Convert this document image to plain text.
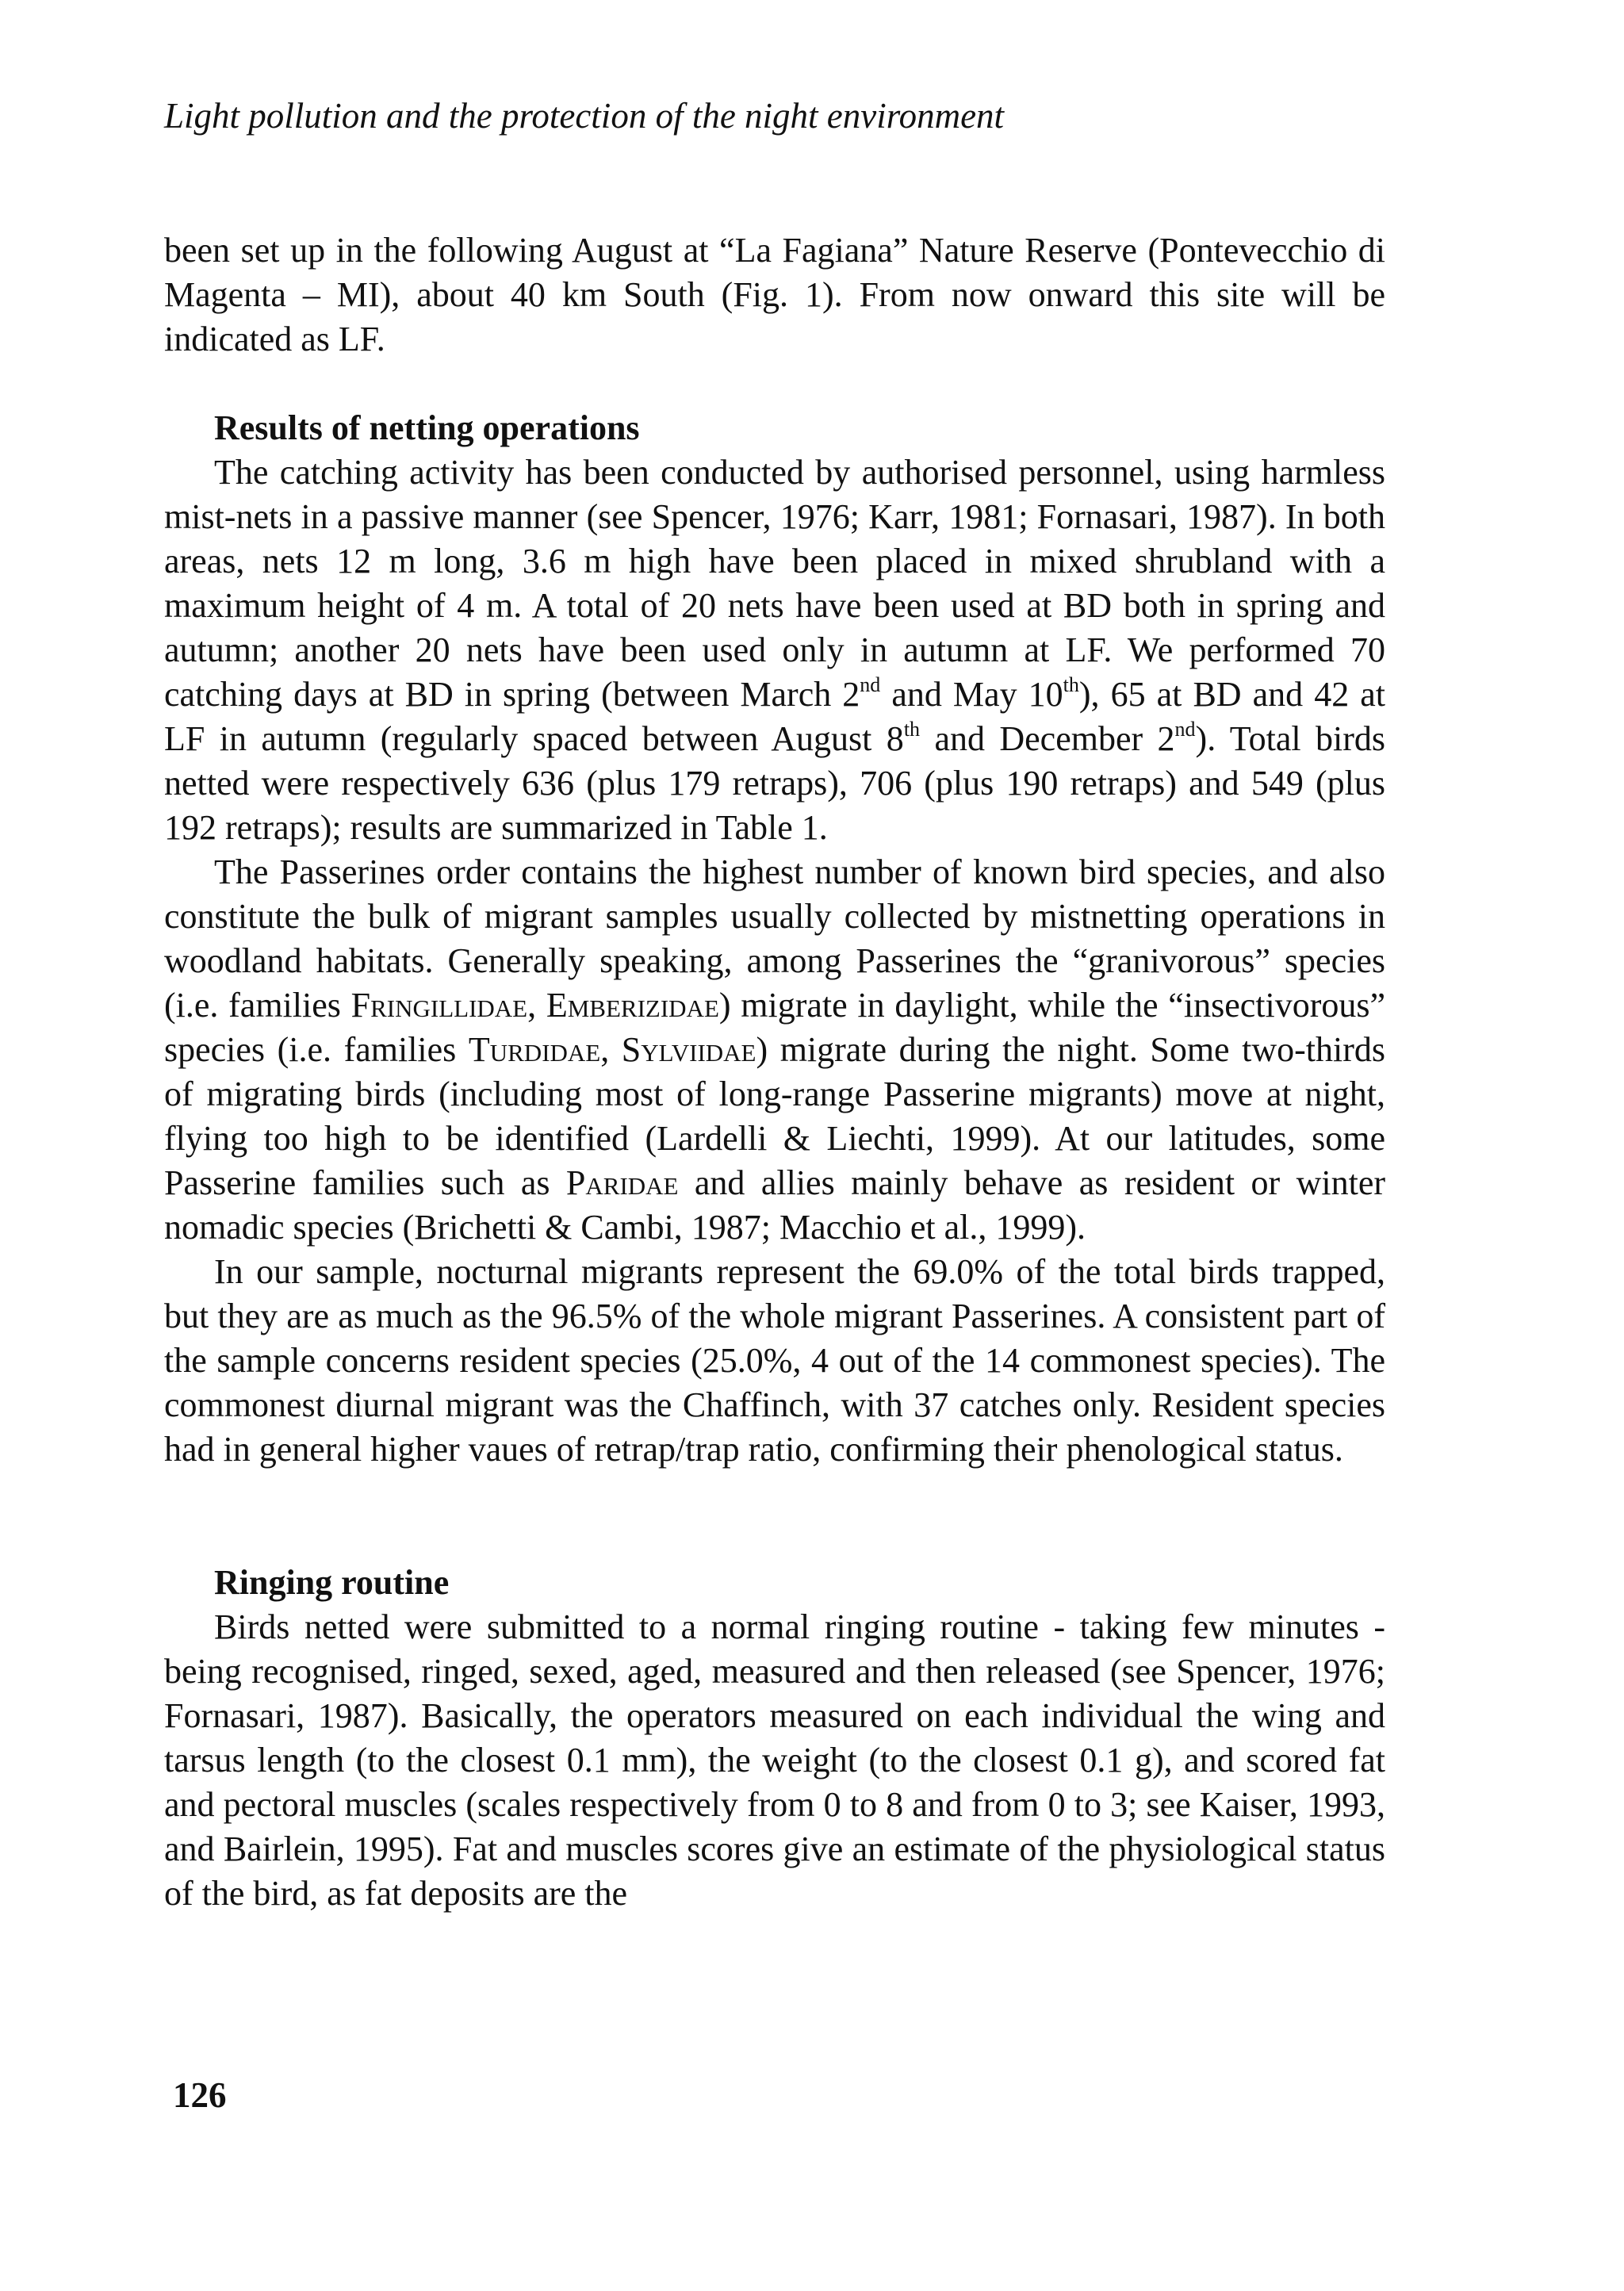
Light pollution and the protection of the night environment

been set up in the following August at “La Fagiana” Nature Reserve (Pontevecchio di Magenta – MI), about 40 km South (Fig. 1). From now onward this site will be indicated as LF.

Results of netting operations

The catching activity has been conducted by authorised personnel, using harmless mist-nets in a passive manner (see Spencer, 1976; Karr, 1981; Fornasari, 1987). In both areas, nets 12 m long, 3.6 m high have been placed in mixed shrubland with a maximum height of 4 m. A total of 20 nets have been used at BD both in spring and autumn; another 20 nets have been used only in autumn at LF. We performed 70 catching days at BD in spring (between March 2nd and May 10th), 65 at BD and 42 at LF in autumn (regularly spaced between August 8th and December 2nd). Total birds netted were respectively 636 (plus 179 retraps), 706 (plus 190 retraps) and 549 (plus 192 retraps); results are summarized in Table 1.

The Passerines order contains the highest number of known bird species, and also constitute the bulk of migrant samples usually collected by mistnetting operations in woodland habitats. Generally speaking, among Passerines the “granivorous” species (i.e. families Fringillidae, Emberizidae) migrate in daylight, while the “insectivorous” species (i.e. families Turdidae, Sylviidae) migrate during the night. Some two-thirds of migrating birds (including most of long-range Passerine migrants) move at night, flying too high to be identified (Lardelli & Liechti, 1999). At our latitudes, some Passerine families such as Paridae and allies mainly behave as resident or winter nomadic species (Brichetti & Cambi, 1987; Macchio et al., 1999).

In our sample, nocturnal migrants represent the 69.0% of the total birds trapped, but they are as much as the 96.5% of the whole migrant Passerines. A consistent part of the sample concerns resident species (25.0%, 4 out of the 14 commonest species). The commonest diurnal migrant was the Chaffinch, with 37 catches only. Resident species had in general higher vaues of retrap/trap ratio, confirming their phenological status.

Ringing routine

Birds netted were submitted to a normal ringing routine - taking few minutes - being recognised, ringed, sexed, aged, measured and then released (see Spencer, 1976; Fornasari, 1987). Basically, the operators measured on each individual the wing and tarsus length (to the closest 0.1 mm), the weight (to the closest 0.1 g), and scored fat and pectoral muscles (scales respectively from 0 to 8 and from 0 to 3; see Kaiser, 1993, and Bairlein, 1995). Fat and muscles scores give an estimate of the physiological status of the bird, as fat deposits are the

126
